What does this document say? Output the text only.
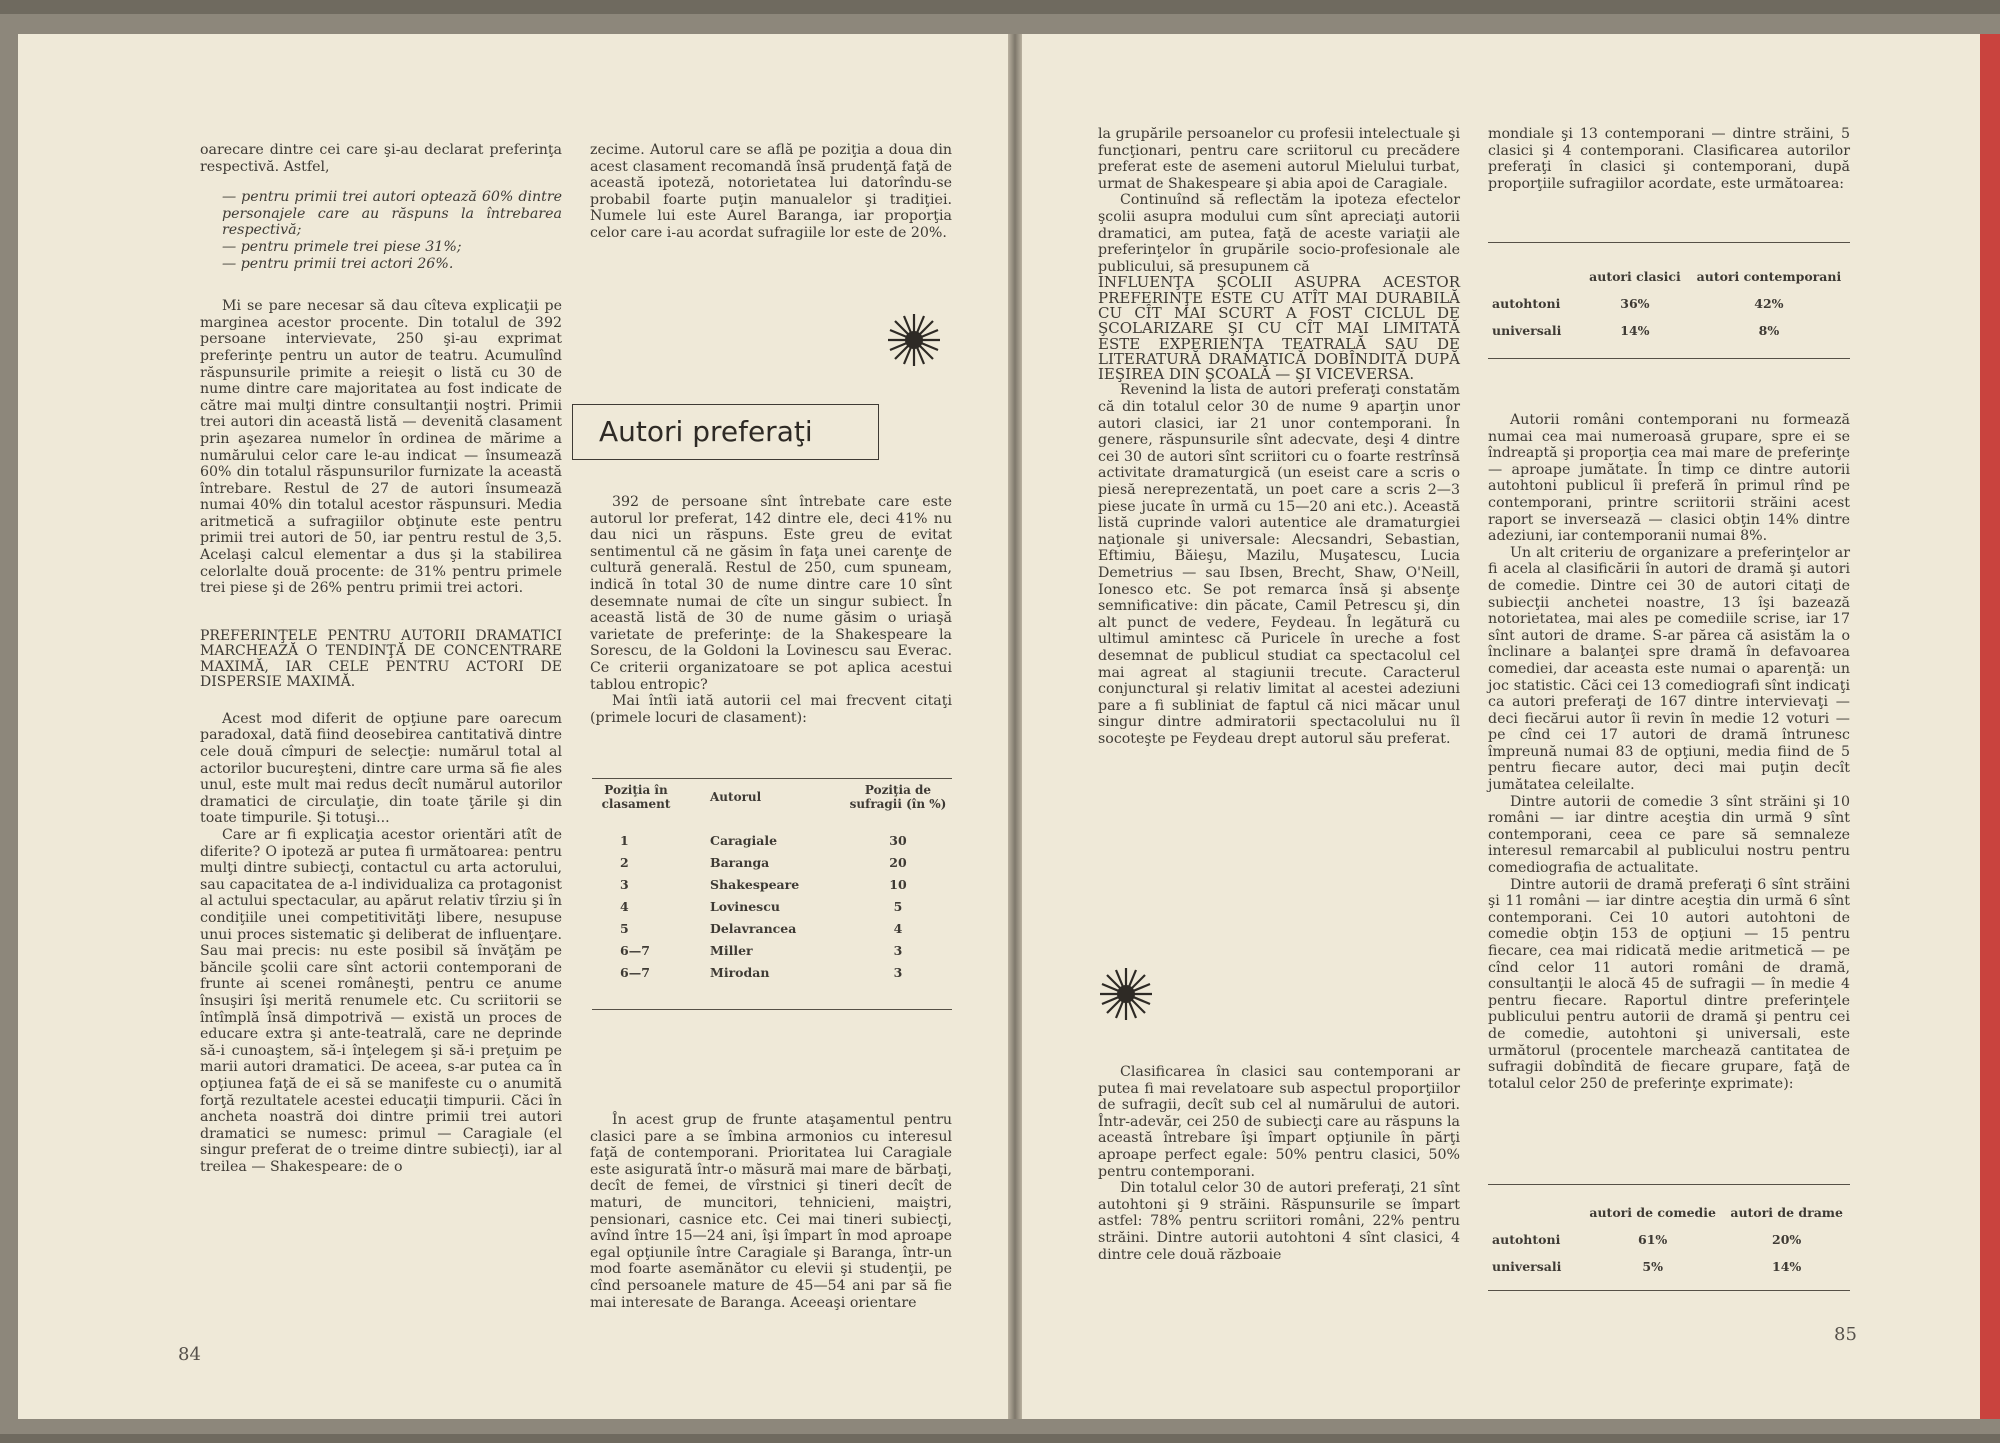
oarecare dintre cei care şi-au declarat preferinţa respectivă. Astfel,

— pentru primii trei autori optează 60% dintre personajele care au răspuns la întrebarea respectivă;
— pentru primele trei piese 31%;
— pentru primii trei actori 26%.

Mi se pare necesar să dau cîteva explicaţii pe marginea acestor procente. Din totalul de 392 persoane intervievate, 250 şi-au exprimat preferinţe pentru un autor de teatru. Acumulînd răspunsurile primite a reieşit o listă cu 30 de nume dintre care majoritatea au fost indicate de către mai mulţi dintre consultanţii noştri. Primii trei autori din această listă — devenită clasament prin aşezarea numelor în ordinea de mărime a numărului celor care le-au indicat — însumează 60% din totalul răspunsurilor furnizate la această întrebare. Restul de 27 de autori însumează numai 40% din totalul acestor răspunsuri. Media aritmetică a sufragiilor obţinute este pentru primii trei autori de 50, iar pentru restul de 3,5. Acelaşi calcul elementar a dus şi la stabilirea celorlalte două procente: de 31% pentru primele trei piese şi de 26% pentru primii trei actori.

PREFERINŢELE PENTRU AUTORII DRAMATICI MARCHEAZĂ O TENDINŢĂ DE CONCENTRARE MAXIMĂ, IAR CELE PENTRU ACTORI DE DISPERSIE MAXIMĂ.

Acest mod diferit de opţiune pare oarecum paradoxal, dată fiind deosebirea cantitativă dintre cele două cîmpuri de selecţie: numărul total al actorilor bucureşteni, dintre care urma să fie ales unul, este mult mai redus decît numărul autorilor dramatici de circulaţie, din toate ţările şi din toate timpurile. Şi totuşi...

Care ar fi explicaţia acestor orientări atît de diferite? O ipoteză ar putea fi următoarea: pentru mulţi dintre subiecţi, contactul cu arta actorului, sau capacitatea de a-l individualiza ca protagonist al actului spectacular, au apărut relativ tîrziu şi în condiţiile unei competitivităţi libere, nesupuse unui proces sistematic şi deliberat de influenţare. Sau mai precis: nu este posibil să învăţăm pe băncile şcolii care sînt actorii contemporani de frunte ai scenei româneşti, pentru ce anume însuşiri îşi merită renumele etc. Cu scriitorii se întîmplă însă dimpotrivă — există un proces de educare extra şi ante-teatrală, care ne deprinde să-i cunoaştem, să-i înţelegem şi să-i preţuim pe marii autori dramatici. De aceea, s-ar putea ca în opţiunea faţă de ei să se manifeste cu o anumită forţă rezultatele acestei educaţii timpurii. Căci în ancheta noastră doi dintre primii trei autori dramatici se numesc: primul — Caragiale (el singur preferat de o treime dintre subiecţi), iar al treilea — Shakespeare: de o

zecime. Autorul care se află pe poziţia a doua din acest clasament recomandă însă prudenţă faţă de această ipoteză, notorietatea lui datorîndu-se probabil foarte puţin manualelor şi tradiţiei. Numele lui este Aurel Baranga, iar proporţia celor care i-au acordat sufragiile lor este de 20%.

Autori preferaţi

392 de persoane sînt întrebate care este autorul lor preferat, 142 dintre ele, deci 41% nu dau nici un răspuns. Este greu de evitat sentimentul că ne găsim în faţa unei carenţe de cultură generală. Restul de 250, cum spuneam, indică în total 30 de nume dintre care 10 sînt desemnate numai de cîte un singur subiect. În această listă de 30 de nume găsim o uriaşă varietate de preferinţe: de la Shakespeare la Sorescu, de la Goldoni la Lovinescu sau Everac. Ce criterii organizatoare se pot aplica acestui tablou entropic?

Mai întîi iată autorii cel mai frecvent citaţi (primele locuri de clasament):

Poziţia în clasament	Autorul	Poziţia de sufragii (în %)

1	Caragiale	30
2	Baranga	20
3	Shakespeare	10
4	Lovinescu	5
5	Delavrancea	4
6—7	Miller	3
6—7	Mirodan	3

În acest grup de frunte ataşamentul pentru clasici pare a se îmbina armonios cu interesul faţă de contemporani. Prioritatea lui Caragiale este asigurată într-o măsură mai mare de bărbaţi, decît de femei, de vîrstnici şi tineri decît de maturi, de muncitori, tehnicieni, maiştri, pensionari, casnice etc. Cei mai tineri subiecţi, avînd între 15—24 ani, îşi împart în mod aproape egal opţiunile între Caragiale şi Baranga, într-un mod foarte asemănător cu elevii şi studenţii, pe cînd persoanele mature de 45—54 ani par să fie mai interesate de Baranga. Aceeaşi orientare

84

la grupările persoanelor cu profesii intelectuale şi funcţionari, pentru care scriitorul cu precădere preferat este de asemeni autorul Mielului turbat, urmat de Shakespeare şi abia apoi de Caragiale.

Continuînd să reflectăm la ipoteza efectelor şcolii asupra modului cum sînt apreciaţi autorii dramatici, am putea, faţă de aceste variaţii ale preferinţelor în grupările socio-profesionale ale publicului, să presupunem că

INFLUENŢA ŞCOLII ASUPRA ACESTOR PREFERINŢE ESTE CU ATÎT MAI DURABILĂ CU CÎT MAI SCURT A FOST CICLUL DE ŞCOLARIZARE ŞI CU CÎT MAI LIMITATĂ ESTE EXPERIENŢA TEATRALĂ SAU DE LITERATURĂ DRAMATICĂ DOBÎNDITĂ DUPĂ IEŞIREA DIN ŞCOALĂ — ŞI VICEVERSA.

Revenind la lista de autori preferaţi constatăm că din totalul celor 30 de nume 9 aparţin unor autori clasici, iar 21 unor contemporani. În genere, răspunsurile sînt adecvate, deşi 4 dintre cei 30 de autori sînt scriitori cu o foarte restrînsă activitate dramaturgică (un eseist care a scris o piesă nereprezentată, un poet care a scris 2—3 piese jucate în urmă cu 15—20 ani etc.). Această listă cuprinde valori autentice ale dramaturgiei naţionale şi universale: Alecsandri, Sebastian, Eftimiu, Băieşu, Mazilu, Muşatescu, Lucia Demetrius — sau Ibsen, Brecht, Shaw, O'Neill, Ionesco etc. Se pot remarca însă şi absenţe semnificative: din păcate, Camil Petrescu şi, din alt punct de vedere, Feydeau. În legătură cu ultimul amintesc că Puricele în ureche a fost desemnat de publicul studiat ca spectacolul cel mai agreat al stagiunii trecute. Caracterul conjunctural şi relativ limitat al acestei adeziuni pare a fi subliniat de faptul că nici măcar unul singur dintre admiratorii spectacolului nu îl socoteşte pe Feydeau drept autorul său preferat.

Clasificarea în clasici sau contemporani ar putea fi mai revelatoare sub aspectul proporţiilor de sufragii, decît sub cel al numărului de autori. Într-adevăr, cei 250 de subiecţi care au răspuns la această întrebare îşi împart opţiunile în părţi aproape perfect egale: 50% pentru clasici, 50% pentru contemporani.

Din totalul celor 30 de autori preferaţi, 21 sînt autohtoni şi 9 străini. Răspunsurile se împart astfel: 78% pentru scriitori români, 22% pentru străini. Dintre autorii autohtoni 4 sînt clasici, 4 dintre cele două războaie

mondiale şi 13 contemporani — dintre străini, 5 clasici şi 4 contemporani. Clasificarea autorilor preferaţi în clasici şi contemporani, după proporţiile sufragiilor acordate, este următoarea:

	autori clasici	autori contemporani
autohtoni	36%	42%
universali	14%	8%

Autorii români contemporani nu formează numai cea mai numeroasă grupare, spre ei se îndreaptă şi proporţia cea mai mare de preferinţe — aproape jumătate. În timp ce dintre autorii autohtoni publicul îi preferă în primul rînd pe contemporani, printre scriitorii străini acest raport se inversează — clasici obţin 14% dintre adeziuni, iar contemporanii numai 8%.

Un alt criteriu de organizare a preferinţelor ar fi acela al clasificării în autori de dramă şi autori de comedie. Dintre cei 30 de autori citaţi de subiecţii anchetei noastre, 13 îşi bazează notorietatea, mai ales pe comediile scrise, iar 17 sînt autori de drame. S-ar părea că asistăm la o înclinare a balanţei spre dramă în defavoarea comediei, dar aceasta este numai o aparenţă: un joc statistic. Căci cei 13 comediografi sînt indicaţi ca autori preferaţi de 167 dintre intervievaţi — deci fiecărui autor îi revin în medie 12 voturi — pe cînd cei 17 autori de dramă întrunesc împreună numai 83 de opţiuni, media fiind de 5 pentru fiecare autor, deci mai puţin decît jumătatea celeilalte.

Dintre autorii de comedie 3 sînt străini şi 10 români — iar dintre aceştia din urmă 9 sînt contemporani, ceea ce pare să semnaleze interesul remarcabil al publicului nostru pentru comediografia de actualitate.

Dintre autorii de dramă preferaţi 6 sînt străini şi 11 români — iar dintre aceştia din urmă 6 sînt contemporani. Cei 10 autori autohtoni de comedie obţin 153 de opţiuni — 15 pentru fiecare, cea mai ridicată medie aritmetică — pe cînd celor 11 autori români de dramă, consultanţii le alocă 45 de sufragii — în medie 4 pentru fiecare. Raportul dintre preferinţele publicului pentru autorii de dramă şi pentru cei de comedie, autohtoni şi universali, este următorul (procentele marchează cantitatea de sufragii dobîndită de fiecare grupare, faţă de totalul celor 250 de preferinţe exprimate):

	autori de comedie	autori de drame
autohtoni	61%	20%
universali	5%	14%
85
